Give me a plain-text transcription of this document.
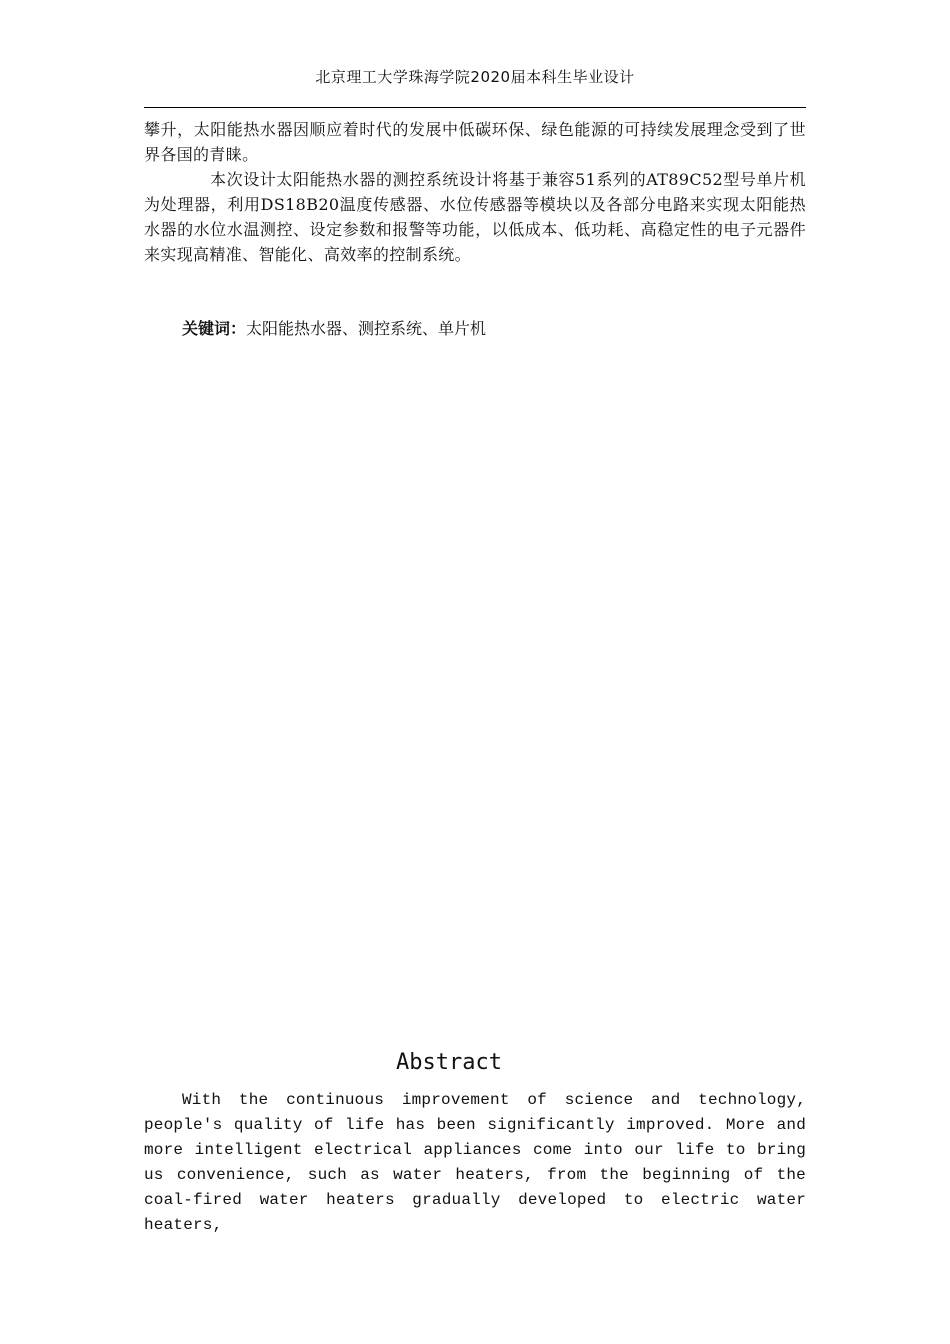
北京理工大学珠海学院2020届本科生毕业设计

攀升，太阳能热水器因顺应着时代的发展中低碳环保、绿色能源的可持续发展理念受到了世界各国的青睐。

本次设计太阳能热水器的测控系统设计将基于兼容51系列的AT89C52型号单片机为处理器，利用DS18B20温度传感器、水位传感器等模块以及各部分电路来实现太阳能热水器的水位水温测控、设定参数和报警等功能，以低成本、低功耗、高稳定性的电子元器件来实现高精准、智能化、高效率的控制系统。

关键词：太阳能热水器、测控系统、单片机

Abstract

With the continuous improvement of science and technology, people's quality of life has been significantly improved. More and more intelligent electrical appliances come into our life to bring us convenience, such as water heaters, from the beginning of the coal-fired water heaters gradually developed to electric water heaters,
